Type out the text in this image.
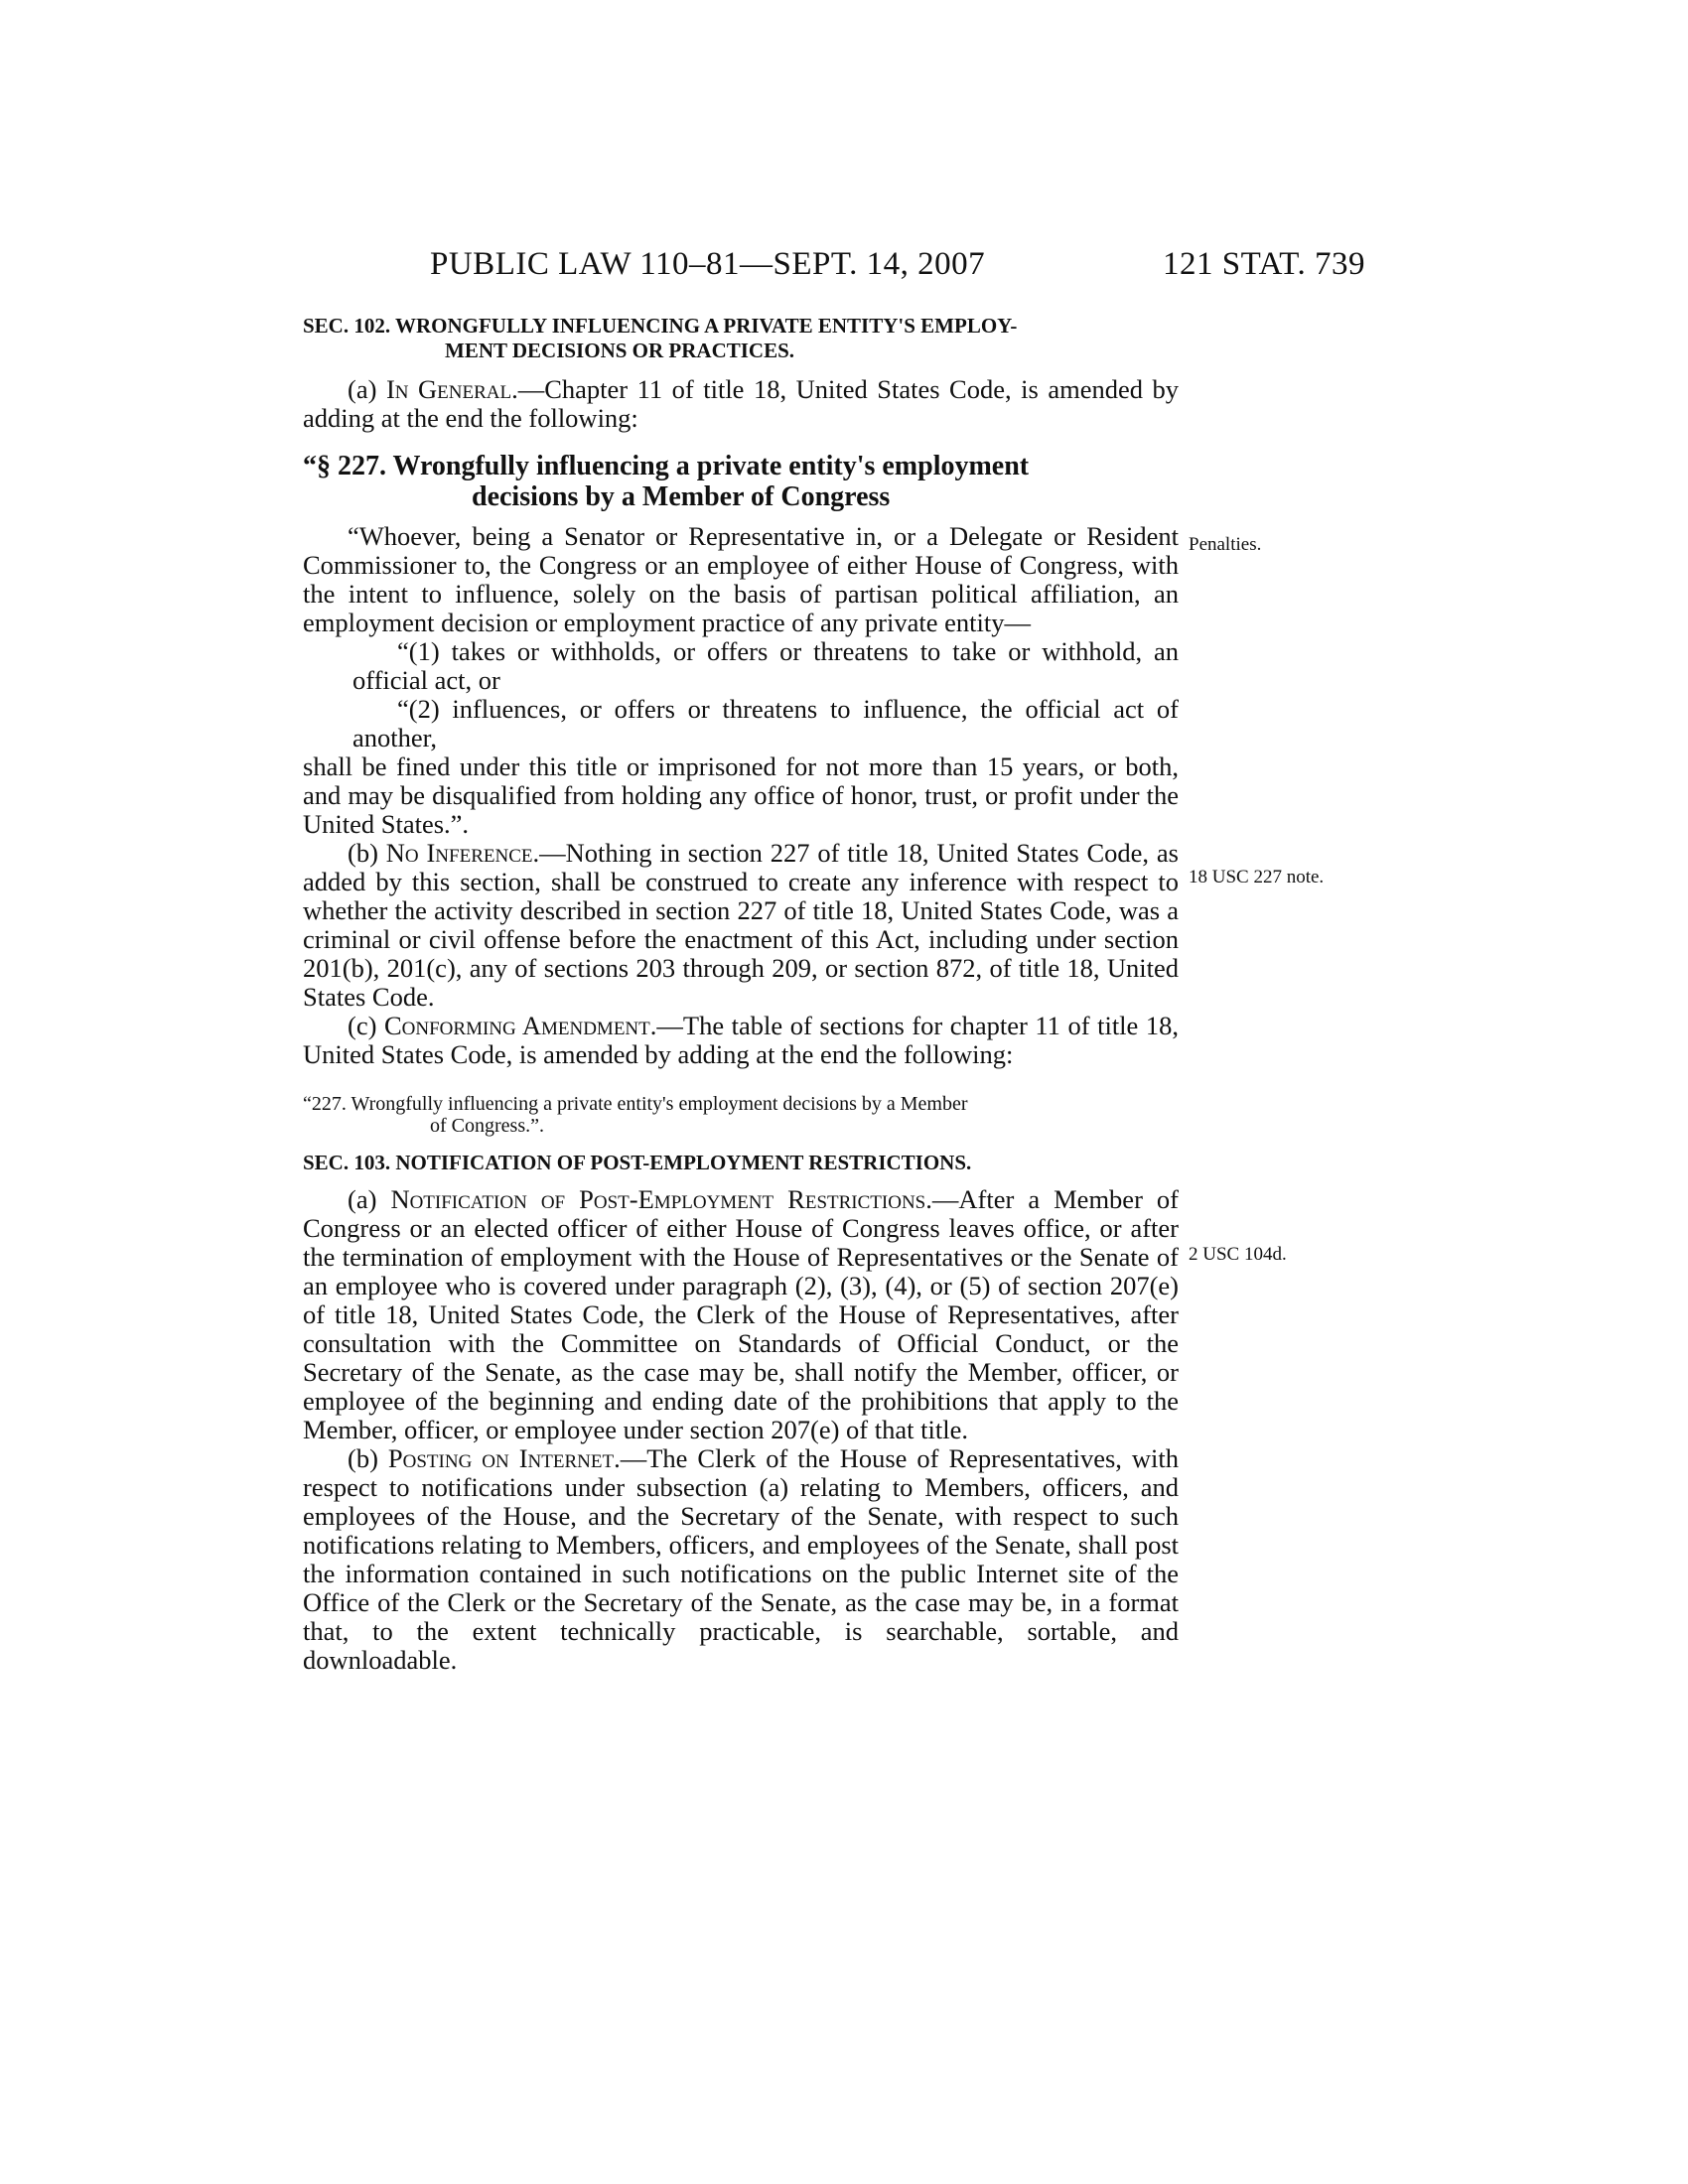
PUBLIC LAW 110–81—SEPT. 14, 2007	121 STAT. 739
SEC. 102. WRONGFULLY INFLUENCING A PRIVATE ENTITY'S EMPLOY-
MENT DECISIONS OR PRACTICES.

(a) In General.—Chapter 11 of title 18, United States Code, is amended by adding at the end the following:

“§ 227. Wrongfully influencing a private entity's employment
decisions by a Member of Congress

“Whoever, being a Senator or Representative in, or a Delegate or Resident Commissioner to, the Congress or an employee of either House of Congress, with the intent to influence, solely on the basis of partisan political affiliation, an employment decision or employment practice of any private entity—

“(1) takes or withholds, or offers or threatens to take or withhold, an official act, or

“(2) influences, or offers or threatens to influence, the official act of another,

shall be fined under this title or imprisoned for not more than 15 years, or both, and may be disqualified from holding any office of honor, trust, or profit under the United States.”.

(b) No Inference.—Nothing in section 227 of title 18, United States Code, as added by this section, shall be construed to create any inference with respect to whether the activity described in section 227 of title 18, United States Code, was a criminal or civil offense before the enactment of this Act, including under section 201(b), 201(c), any of sections 203 through 209, or section 872, of title 18, United States Code.

(c) Conforming Amendment.—The table of sections for chapter 11 of title 18, United States Code, is amended by adding at the end the following:

“227. Wrongfully influencing a private entity's employment decisions by a Member
of Congress.”.
SEC. 103. NOTIFICATION OF POST-EMPLOYMENT RESTRICTIONS.

(a) Notification of Post-Employment Restrictions.—After a Member of Congress or an elected officer of either House of Congress leaves office, or after the termination of employment with the House of Representatives or the Senate of an employee who is covered under paragraph (2), (3), (4), or (5) of section 207(e) of title 18, United States Code, the Clerk of the House of Representatives, after consultation with the Committee on Standards of Official Conduct, or the Secretary of the Senate, as the case may be, shall notify the Member, officer, or employee of the beginning and ending date of the prohibitions that apply to the Member, officer, or employee under section 207(e) of that title.

(b) Posting on Internet.—The Clerk of the House of Representatives, with respect to notifications under subsection (a) relating to Members, officers, and employees of the House, and the Secretary of the Senate, with respect to such notifications relating to Members, officers, and employees of the Senate, shall post the information contained in such notifications on the public Internet site of the Office of the Clerk or the Secretary of the Senate, as the case may be, in a format that, to the extent technically practicable, is searchable, sortable, and downloadable.

Penalties.
18 USC 227 note.
2 USC 104d.
